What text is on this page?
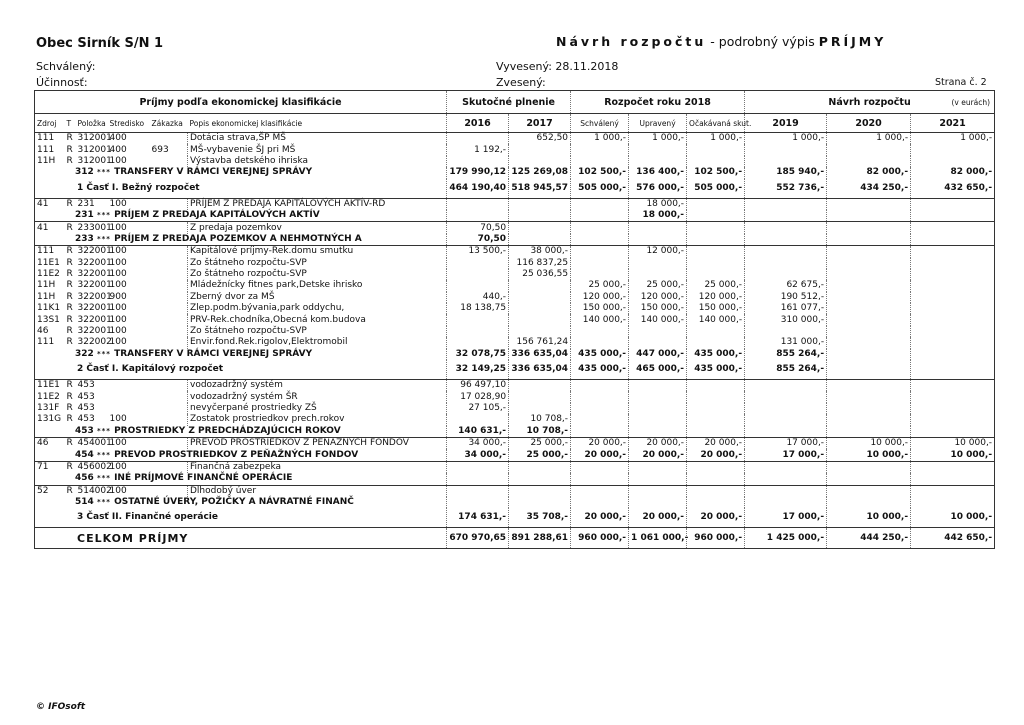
Obec Sirník S/N 1	Návrh rozpočtu - podrobný výpis PRÍJMY
Schválený:
Účinnosť:
Vyvesený: 28.11.2018
Zvesený:	Strana č. 2
Príjmy podľa ekonomickej klasifikácie						Skutočné plnenie		Rozpočet roku 2018			Návrh rozpočtu (v eurách)		

Zdroj	T	Položka	Stredisko	Zákazka	Popis ekonomickej klasifikácie	2016	2017	Schválený	Upravený	Očakávaná skut.	2019	2020	2021
111	R	312001	400		Dotácia strava,ŠP MŠ		652,50	1 000,-	1 000,-	1 000,-	1 000,-	1 000,-	1 000,-
111	R	312001	400	693	MŠ-vybavenie ŠJ pri MŠ	1 192,-							
11H	R	312001	100		Výstavba detského ihriska								
312 *** TRANSFERY V RÁMCI VEREJNEJ SPRÁVY						179 990,12	125 269,08	102 500,-	136 400,-	102 500,-	185 940,-	82 000,-	82 000,-
1 Časť I. Bežný rozpočet						464 190,40	518 945,57	505 000,-	576 000,-	505 000,-	552 736,-	434 250,-	432 650,-
41	R	231	100		PRÍJEM Z PREDAJA KAPITÁLOVÝCH AKTÍV-RD				18 000,-				
231 *** PRÍJEM Z PREDAJA KAPITÁLOVÝCH AKTÍV									18 000,-				
41	R	233001	100		Z predaja pozemkov	70,50							
233 *** PRÍJEM Z PREDAJA POZEMKOV A NEHMOTNÝCH A						70,50							
111	R	322001	100		Kapitálové príjmy-Rek.domu smutku	13 500,-	38 000,-		12 000,-				
11E1	R	322001	100		Zo štátneho rozpočtu-SVP		116 837,25						
11E2	R	322001	100		Zo štátneho rozpočtu-SVP		25 036,55						
11H	R	322001	100		Mládežnícky fitnes park,Detske ihrisko			25 000,-	25 000,-	25 000,-	62 675,-		
11H	R	322001	900		Zberný dvor za MŠ	440,-		120 000,-	120 000,-	120 000,-	190 512,-		
11K1	R	322001	100		Zlep.podm.bývania,park oddychu,	18 138,75		150 000,-	150 000,-	150 000,-	161 077,-		
13S1	R	322001	100		PRV-Rek.chodníka,Obecná kom.budova			140 000,-	140 000,-	140 000,-	310 000,-		
46	R	322001	100		Zo štátneho rozpočtu-SVP								
111	R	322002	100		Envir.fond.Rek.rigolov,Elektromobil		156 761,24				131 000,-		
322 *** TRANSFERY V RÁMCI VEREJNEJ SPRÁVY						32 078,75	336 635,04	435 000,-	447 000,-	435 000,-	855 264,-		
2 Časť I. Kapitálový rozpočet						32 149,25	336 635,04	435 000,-	465 000,-	435 000,-	855 264,-		
11E1	R	453			vodozadržný systém	96 497,10							
11E2	R	453			vodozadržný systém ŠR	17 028,90							
131F	R	453			nevyčerpané prostriedky ZŠ	27 105,-							
131G	R	453	100		Zostatok prostriedkov prech.rokov		10 708,-						
453 *** PROSTRIEDKY Z PREDCHÁDZAJÚCICH ROKOV						140 631,-	10 708,-						
46	R	454001	100		PREVOD PROSTRIEDKOV Z PENAZNYCH FONDOV	34 000,-	25 000,-	20 000,-	20 000,-	20 000,-	17 000,-	10 000,-	10 000,-
454 *** PREVOD PROSTRIEDKOV Z PEŇAŽNÝCH FONDOV						34 000,-	25 000,-	20 000,-	20 000,-	20 000,-	17 000,-	10 000,-	10 000,-
71	R	456002	100		Finančná zabezpeka								
456 *** INÉ PRÍJMOVÉ FINANČNÉ OPERÁCIE													
52	R	514002	100		Dlhodobý úver								
514 *** OSTATNÉ ÚVERY, POŽIČKY A NÁVRATNÉ FINANČ													
3 Časť II. Finančné operácie						174 631,-	35 708,-	20 000,-	20 000,-	20 000,-	17 000,-	10 000,-	10 000,-
CELKOM PRÍJMY						670 970,65	891 288,61	960 000,-	1 061 000,-	960 000,-	1 425 000,-	444 250,-	442 650,-
© IFOsoft
